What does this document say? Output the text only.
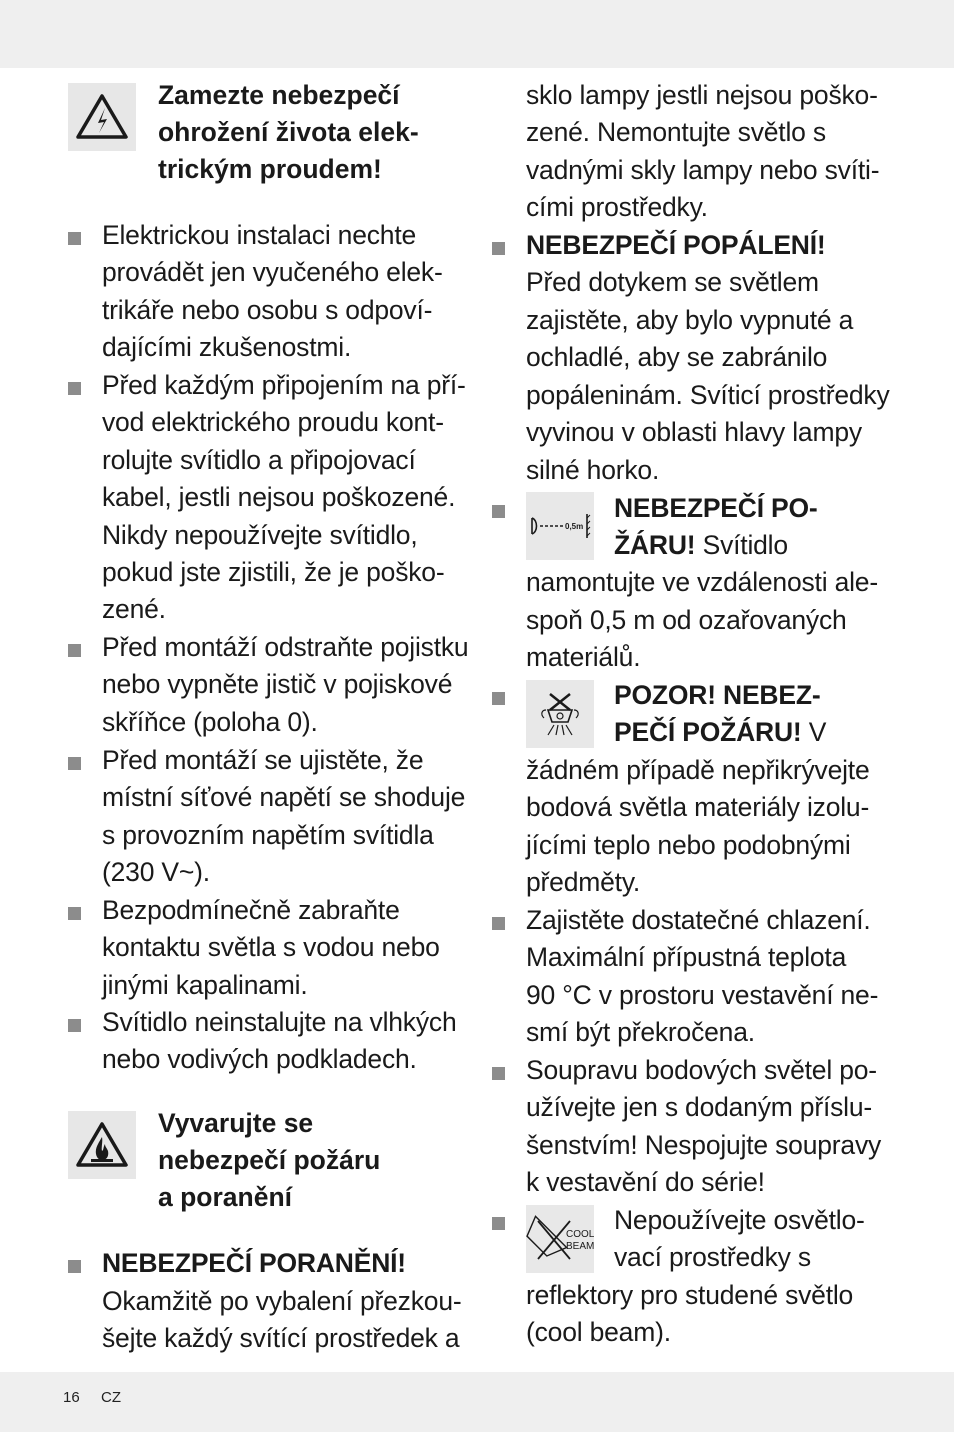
Zamezte nebezpečí
ohrožení života elek-
trickým proudem!
Elektrickou instalaci nechte
provádět jen vyučeného elek-
trikáře nebo osobu s odpoví-
dajícími zkušenostmi.
Před každým připojením na pří-
vod elektrického proudu kont-
rolujte svítidlo a připojovací
kabel, jestli nejsou poškozené.
Nikdy nepoužívejte svítidlo,
pokud jste zjistili, že je poško-
zené.
Před montáží odstraňte pojistku
nebo vypněte jistič v pojiskové
skříňce (poloha 0).
Před montáží se ujistěte, že
místní síťové napětí se shoduje
s provozním napětím svítidla
(230 V~).
Bezpodmínečně zabraňte
kontaktu světla s vodou nebo
jinými kapalinami.
Svítidlo neinstalujte na vlhkých
nebo vodivých podkladech.
Vyvarujte se
nebezpečí požáru
a poranění
NEBEZPEČÍ PORANĚNÍ!
Okamžitě po vybalení přezkou-
šejte každý svítící prostředek a
sklo lampy jestli nejsou poško-
zené. Nemontujte světlo s
vadnými skly lampy nebo svíti-
cími prostředky.
NEBEZPEČÍ POPÁLENÍ!
Před dotykem se světlem
zajistěte, aby bylo vypnuté a
ochladlé, aby se zabránilo
popáleninám. Svíticí prostředky
vyvinou v oblasti hlavy lampy
silné horko.
0,5m
NEBEZPEČÍ PO-
ŽÁRU! Svítidlo
namontujte ve vzdálenosti ale-
spoň 0,5 m od ozařovaných
materiálů.
POZOR! NEBEZ-
PEČÍ POŽÁRU! V
žádném případě nepřikrývejte
bodová světla materiály izolu-
jícími teplo nebo podobnými
předměty.
Zajistěte dostatečné chlazení.
Maximální přípustná teplota
90 °C v prostoru vestavění ne-
smí být překročena.
Soupravu bodových světel po-
užívejte jen s dodaným příslu-
šenstvím! Nespojujte soupravy
k vestavění do série!
COOL
BEAM
Nepoužívejte osvětlo-
vací prostředky s
reflektory pro studené světlo
(cool beam).
16 CZ
